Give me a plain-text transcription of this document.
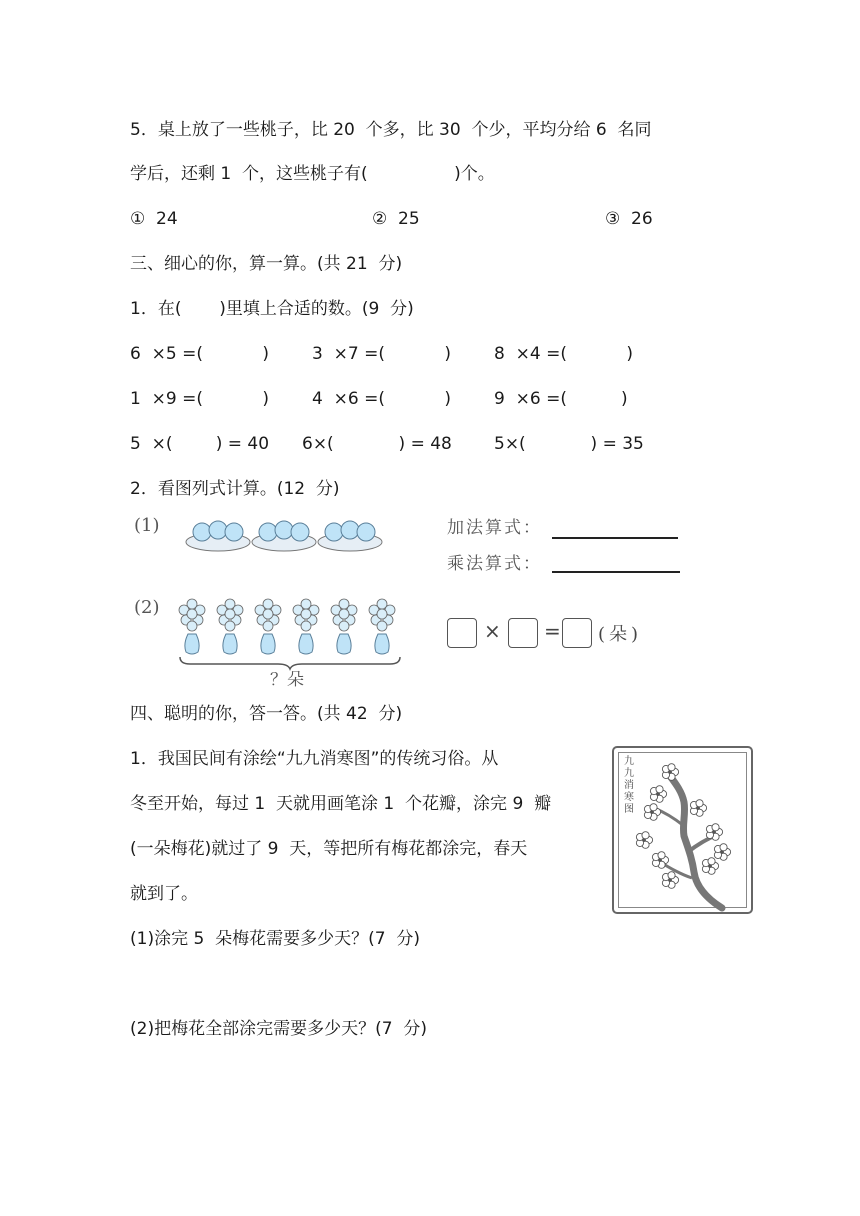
5．桌上放了一些桃子，比 20  个多，比 30  个少，平均分给 6  名同
学后，还剩 1  个，这些桃子有(                )个。
①  24	②  25	③  26
三、细心的你，算一算。(共 21  分)
1．在(       )里填上合适的数。(9  分)
6  ×5 =(           )	3  ×7 =(           )	8  ×4 =(           )
1  ×9 =(           )	4  ×6 =(           )	9  ×6 =(          )
5  ×(        ) = 40 6×(            ) = 48 5×(            ) = 35
2．看图列式计算。(12  分)
(1)	加法算式：
乘法算式：
(2)
？朵
× = (朵)
四、聪明的你，答一答。(共 42  分)
1．我国民间有涂绘“九九消寒图”的传统习俗。从
冬至开始，每过 1  天就用画笔涂 1  个花瓣，涂完 9  瓣
(一朵梅花)就过了 9  天，等把所有梅花都涂完，春天
就到了。
九九消寒图
(1)涂完 5  朵梅花需要多少天？(7  分)
(2)把梅花全部涂完需要多少天？(7  分)
